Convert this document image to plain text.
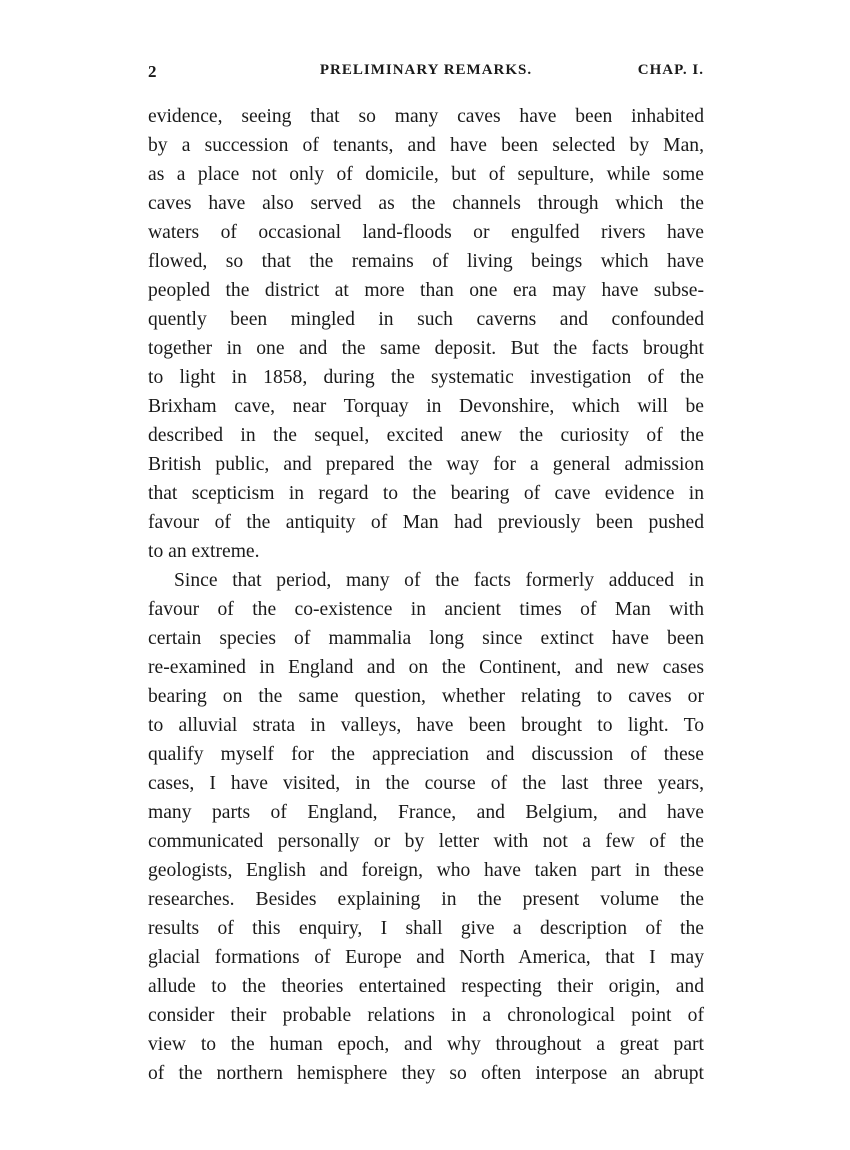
2	PRELIMINARY REMARKS.	CHAP. I.
evidence, seeing that so many caves have been inhabited
by a succession of tenants, and have been selected by Man,
as a place not only of domicile, but of sepulture, while some
caves have also served as the channels through which the
waters of occasional land-floods or engulfed rivers have
flowed, so that the remains of living beings which have
peopled the district at more than one era may have subse-
quently been mingled in such caverns and confounded
together in one and the same deposit. But the facts brought
to light in 1858, during the systematic investigation of the
Brixham cave, near Torquay in Devonshire, which will be
described in the sequel, excited anew the curiosity of the
British public, and prepared the way for a general admission
that scepticism in regard to the bearing of cave evidence in
favour of the antiquity of Man had previously been pushed
to an extreme.
Since that period, many of the facts formerly adduced in
favour of the co-existence in ancient times of Man with
certain species of mammalia long since extinct have been
re-examined in England and on the Continent, and new cases
bearing on the same question, whether relating to caves or
to alluvial strata in valleys, have been brought to light. To
qualify myself for the appreciation and discussion of these
cases, I have visited, in the course of the last three years,
many parts of England, France, and Belgium, and have
communicated personally or by letter with not a few of the
geologists, English and foreign, who have taken part in these
researches. Besides explaining in the present volume the
results of this enquiry, I shall give a description of the
glacial formations of Europe and North America, that I may
allude to the theories entertained respecting their origin, and
consider their probable relations in a chronological point of
view to the human epoch, and why throughout a great part
of the northern hemisphere they so often interpose an abrupt
